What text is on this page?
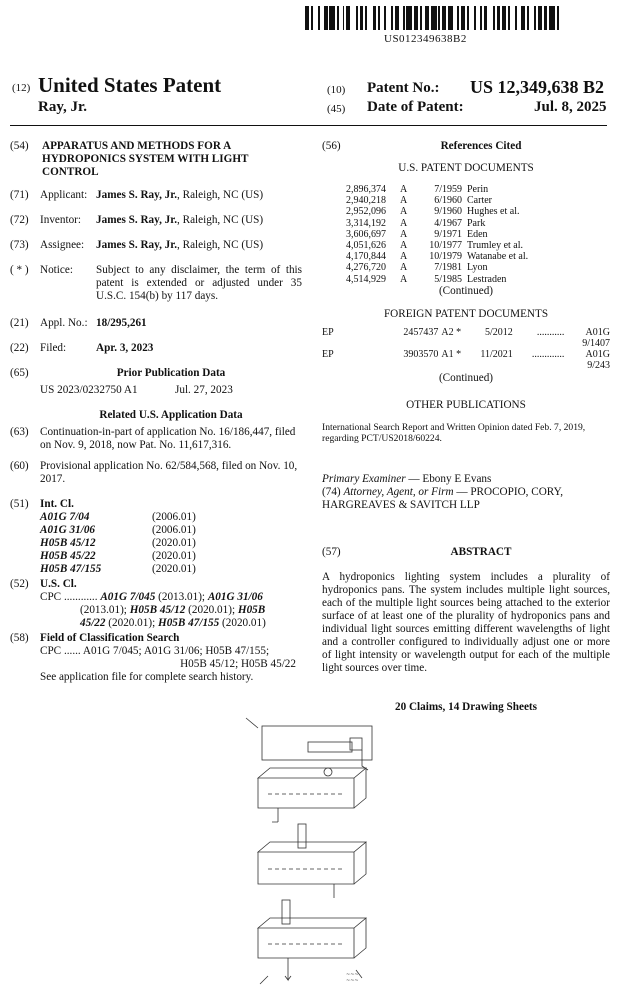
US012349638B2
(12) United States Patent
Ray, Jr.
(10) Patent No.: US 12,349,638 B2
(45) Date of Patent:	Jul. 8, 2025
(54)	APPARATUS AND METHODS FOR A HYDROPONICS SYSTEM WITH LIGHT CONTROL
(71)	Applicant: James S. Ray, Jr., Raleigh, NC (US)
(72)	Inventor:	James S. Ray, Jr., Raleigh, NC (US)
(73)	Assignee:	James S. Ray, Jr., Raleigh, NC (US)
( * )	Notice:	Subject to any disclaimer, the term of this patent is extended or adjusted under 35 U.S.C. 154(b) by 117 days.
(21)	Appl. No.: 18/295,261
(22)	Filed:	Apr. 3, 2023
(65)	Prior Publication Data
US 2023/0232750 A1	Jul. 27, 2023
Related U.S. Application Data
(63)	Continuation-in-part of application No. 16/186,447, filed on Nov. 9, 2018, now Pat. No. 11,617,316.
(60)	Provisional application No. 62/584,568, filed on Nov. 10, 2017.
(51)	Int. Cl.
A01G 7/04	(2006.01)
A01G 31/06	(2006.01)
H05B 45/12	(2020.01)
H05B 45/22	(2020.01)
H05B 47/155	(2020.01)
(52)	U.S. Cl.
CPC ............ A01G 7/045 (2013.01); A01G 31/06
(2013.01); H05B 45/12 (2020.01); H05B
45/22 (2020.01); H05B 47/155 (2020.01)
(58)	Field of Classification Search
CPC ...... A01G 7/045; A01G 31/06; H05B 47/155;
H05B 45/12; H05B 45/22
See application file for complete search history.
(56)	References Cited
U.S. PATENT DOCUMENTS
2,896,374	A	7/1959	Perin
2,940,218	A	6/1960	Carter
2,952,096	A	9/1960	Hughes et al.
3,314,192	A	4/1967	Park
3,606,697	A	9/1971	Eden
4,051,626	A	10/1977	Trumley et al.
4,170,844	A	10/1979	Watanabe et al.
4,276,720	A	7/1981	Lyon
4,514,929	A	5/1985	Lestraden
(Continued)
FOREIGN PATENT DOCUMENTS
EP	2457437	A2 *	5/2012	...........	A01G 9/1407
EP	3903570	A1 *	11/2021	.............	A01G 9/243
(Continued)
OTHER PUBLICATIONS
International Search Report and Written Opinion dated Feb. 7, 2019, regarding PCT/US2018/60224.
Primary Examiner — Ebony E Evans
(74) Attorney, Agent, or Firm — PROCOPIO, CORY, HARGREAVES & SAVITCH LLP
(57)	ABSTRACT
A hydroponics lighting system includes a plurality of hydroponics pans. The system includes multiple light sources, each of the multiple light sources being attached to the exterior surface of at least one of the plurality of hydroponics pans and individual light sources emitting different wavelengths of light and a controller configured to individually adjust one or more of light intensity or wavelength output for each of the multiple light sources over time.
20 Claims, 14 Drawing Sheets
~~~
~~~
